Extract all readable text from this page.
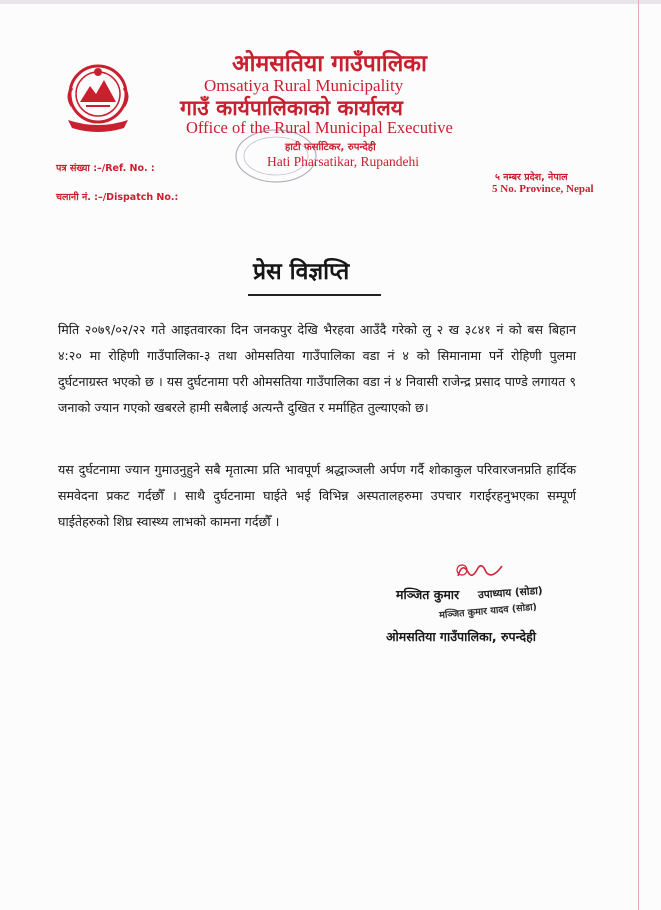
ओमसतिया गाउँपालिका
Omsatiya Rural Municipality
गाउँ कार्यपालिकाको कार्यालय
Office of the Rural Municipal Executive
हाटी फर्साटिकर, रुपन्देही
Hati Pharsatikar, Rupandehi
पत्र संख्या :–/Ref. No. :
चलानी नं. :–/Dispatch No.:
५ नम्बर प्रदेश, नेपाल
5 No. Province, Nepal
प्रेस विज्ञप्ति

मिति २०७९/०२/२२ गते आइतवारका दिन जनकपुर देखि भैरहवा आउँदै गरेको लु २ ख ३८४१ नं को बस बिहान ४:२० मा रोहिणी गाउँपालिका-३ तथा ओमसतिया गाउँपालिका वडा नं ४ को सिमानामा पर्ने रोहिणी पुलमा दुर्घटनाग्रस्त भएको छ । यस दुर्घटनामा परी ओमसतिया गाउँपालिका वडा नं ४ निवासी राजेन्द्र प्रसाद पाण्डे लगायत ९ जनाको ज्यान गएको खबरले हामी सबैलाई अत्यन्तै दुखित र मर्माहित तुल्याएको छ।

यस दुर्घटनामा ज्यान गुमाउनुहुने सबै मृतात्मा प्रति भावपूर्ण श्रद्धाञ्जली अर्पण गर्दै शोकाकुल परिवारजनप्रति हार्दिक समवेदना प्रकट गर्दछौँ । साथै दुर्घटनामा घाईते भई विभिन्न अस्पतालहरुमा उपचार गराईरहनुभएका सम्पूर्ण घाईतेहरुको शिघ्र स्वास्थ्य लाभको कामना गर्दछौँ ।

मञ्जित कुमार उपाध्याय (सोडा)
मञ्जित कुमार यादव (सोडा)
ओमसतिया गाउँपालिका, रुपन्देही
